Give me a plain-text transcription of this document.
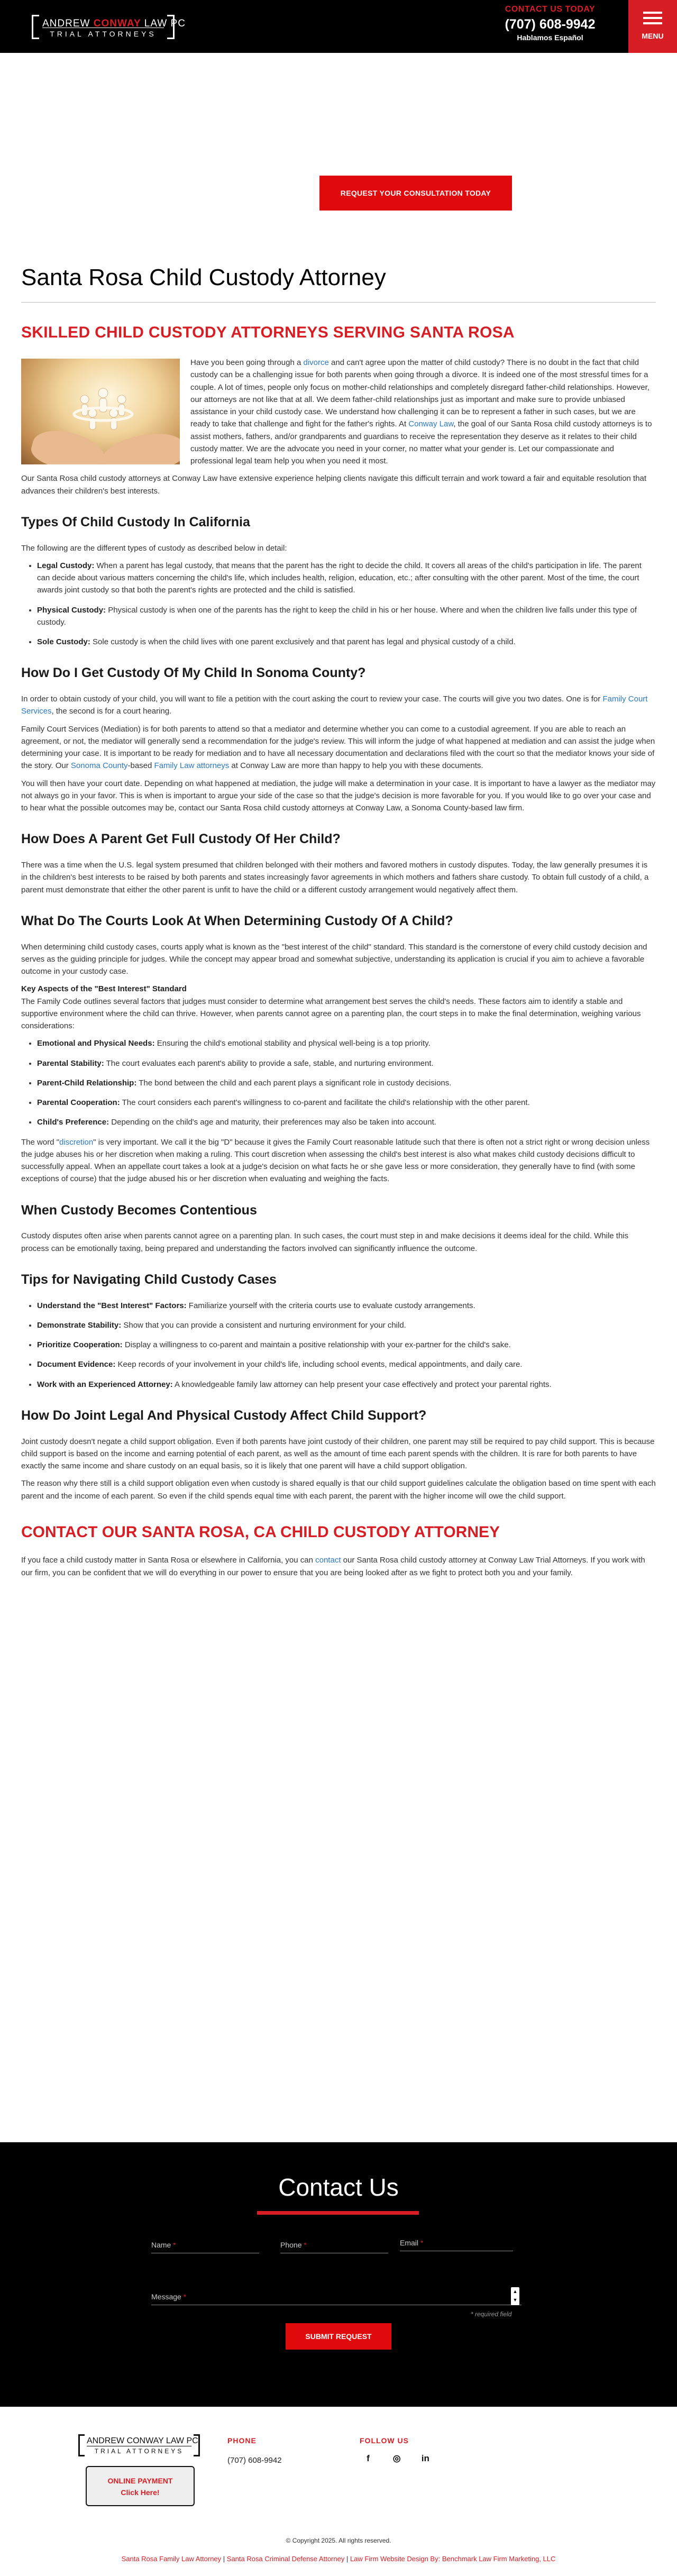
ANDREW CONWAY LAW PC
TRIAL ATTORNEYS
CONTACT US TODAY
(707) 608-9942
Hablamos Español	MENU
REQUEST YOUR CONSULTATION TODAY
Santa Rosa Child Custody Attorney
SKILLED CHILD CUSTODY ATTORNEYS SERVING SANTA ROSA

Have you been going through a divorce and can't agree upon the matter of child custody? There is no doubt in the fact that child custody can be a challenging issue for both parents when going through a divorce. It is indeed one of the most stressful times for a couple. A lot of times, people only focus on mother-child relationships and completely disregard father-child relationships. However, our attorneys are not like that at all. We deem father-child relationships just as important and make sure to provide unbiased assistance in your child custody case. We understand how challenging it can be to represent a father in such cases, but we are ready to take that challenge and fight for the father's rights. At Conway Law, the goal of our Santa Rosa child custody attorneys is to assist mothers, fathers, and/or grandparents and guardians to receive the representation they deserve as it relates to their child custody matter. We are the advocate you need in your corner, no matter what your gender is. Let our compassionate and professional legal team help you when you need it most.

Our Santa Rosa child custody attorneys at Conway Law have extensive experience helping clients navigate this difficult terrain and work toward a fair and equitable resolution that advances their children's best interests.

Types Of Child Custody In California

The following are the different types of custody as described below in detail:

• Legal Custody: When a parent has legal custody, that means that the parent has the right to decide the child. It covers all areas of the child's participation in life. The parent can decide about various matters concerning the child's life, which includes health, religion, education, etc.; after consulting with the other parent. Most of the time, the court awards joint custody so that both the parent's rights are protected and the child is satisfied.
• Physical Custody: Physical custody is when one of the parents has the right to keep the child in his or her house. Where and when the children live falls under this type of custody.
• Sole Custody: Sole custody is when the child lives with one parent exclusively and that parent has legal and physical custody of a child.
How Do I Get Custody Of My Child In Sonoma County?

In order to obtain custody of your child, you will want to file a petition with the court asking the court to review your case. The courts will give you two dates. One is for Family Court Services, the second is for a court hearing.

Family Court Services (Mediation) is for both parents to attend so that a mediator and determine whether you can come to a custodial agreement. If you are able to reach an agreement, or not, the mediator will generally send a recommendation for the judge's review. This will inform the judge of what happened at mediation and can assist the judge when determining your case. It is important to be ready for mediation and to have all necessary documentation and declarations filed with the court so that the mediator knows your side of the story. Our Sonoma County-based Family Law attorneys at Conway Law are more than happy to help you with these documents.

You will then have your court date. Depending on what happened at mediation, the judge will make a determination in your case. It is important to have a lawyer as the mediator may not always go in your favor. This is when is important to argue your side of the case so that the judge's decision is more favorable for you. If you would like to go over your case and to hear what the possible outcomes may be, contact our Santa Rosa child custody attorneys at Conway Law, a Sonoma County-based law firm.

How Does A Parent Get Full Custody Of Her Child?

There was a time when the U.S. legal system presumed that children belonged with their mothers and favored mothers in custody disputes. Today, the law generally presumes it is in the children's best interests to be raised by both parents and states increasingly favor agreements in which mothers and fathers share custody. To obtain full custody of a child, a parent must demonstrate that either the other parent is unfit to have the child or a different custody arrangement would negatively affect them.

What Do The Courts Look At When Determining Custody Of A Child?

When determining child custody cases, courts apply what is known as the "best interest of the child" standard. This standard is the cornerstone of every child custody decision and serves as the guiding principle for judges. While the concept may appear broad and somewhat subjective, understanding its application is crucial if you aim to achieve a favorable outcome in your custody case.

Key Aspects of the "Best Interest" Standard

The Family Code outlines several factors that judges must consider to determine what arrangement best serves the child's needs. These factors aim to identify a stable and supportive environment where the child can thrive. However, when parents cannot agree on a parenting plan, the court steps in to make the final determination, weighing various considerations:

• Emotional and Physical Needs: Ensuring the child's emotional stability and physical well-being is a top priority.
• Parental Stability: The court evaluates each parent's ability to provide a safe, stable, and nurturing environment.
• Parent-Child Relationship: The bond between the child and each parent plays a significant role in custody decisions.
• Parental Cooperation: The court considers each parent's willingness to co-parent and facilitate the child's relationship with the other parent.
• Child's Preference: Depending on the child's age and maturity, their preferences may also be taken into account.

The word "discretion" is very important. We call it the big "D" because it gives the Family Court reasonable latitude such that there is often not a strict right or wrong decision unless the judge abuses his or her discretion when making a ruling. This court discretion when assessing the child's best interest is also what makes child custody decisions difficult to successfully appeal. When an appellate court takes a look at a judge's decision on what facts he or she gave less or more consideration, they generally have to find (with some exceptions of course) that the judge abused his or her discretion when evaluating and weighing the facts.

When Custody Becomes Contentious

Custody disputes often arise when parents cannot agree on a parenting plan. In such cases, the court must step in and make decisions it deems ideal for the child. While this process can be emotionally taxing, being prepared and understanding the factors involved can significantly influence the outcome.

Tips for Navigating Child Custody Cases
• Understand the "Best Interest" Factors: Familiarize yourself with the criteria courts use to evaluate custody arrangements.
• Demonstrate Stability: Show that you can provide a consistent and nurturing environment for your child.
• Prioritize Cooperation: Display a willingness to co-parent and maintain a positive relationship with your ex-partner for the child's sake.
• Document Evidence: Keep records of your involvement in your child's life, including school events, medical appointments, and daily care.
• Work with an Experienced Attorney: A knowledgeable family law attorney can help present your case effectively and protect your parental rights.
How Do Joint Legal And Physical Custody Affect Child Support?

Joint custody doesn't negate a child support obligation. Even if both parents have joint custody of their children, one parent may still be required to pay child support. This is because child support is based on the income and earning potential of each parent, as well as the amount of time each parent spends with the children. It is rare for both parents to have exactly the same income and share custody on an equal basis, so it is likely that one parent will have a child support obligation.

The reason why there still is a child support obligation even when custody is shared equally is that our child support guidelines calculate the obligation based on time spent with each parent and the income of each parent. So even if the child spends equal time with each parent, the parent with the higher income will owe the child support.

CONTACT OUR SANTA ROSA, CA CHILD CUSTODY ATTORNEY

If you face a child custody matter in Santa Rosa or elsewhere in California, you can contact our Santa Rosa child custody attorney at Conway Law Trial Attorneys. If you work with our firm, you can be confident that we will do everything in our power to ensure that you are being looked after as we fight to protect both you and your family.

Contact Us
Name *	Phone *	Email *
Message *
▲
▼
* required field
SUBMIT REQUEST
ANDREW CONWAY LAW PC
TRIAL ATTORNEYS
ONLINE PAYMENT
Click Here!
PHONE
(707) 608-9942
FOLLOW US
f	◎ in
© Copyright 2025. All rights reserved.
Santa Rosa Family Law Attorney | Santa Rosa Criminal Defense Attorney | Law Firm Website Design By: Benchmark Law Firm Marketing, LLC
